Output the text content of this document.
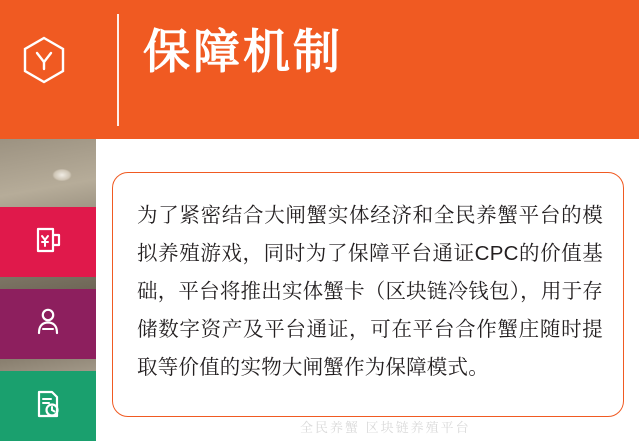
保障机制
为了紧密结合大闸蟹实体经济和全民养蟹平台的模拟养殖游戏，同时为了保障平台通证CPC的价值基础，平台将推出实体蟹卡（区块链冷钱包），用于存储数字资产及平台通证，可在平台合作蟹庄随时提取等价值的实物大闸蟹作为保障模式。
全民养蟹 区块链养殖平台
